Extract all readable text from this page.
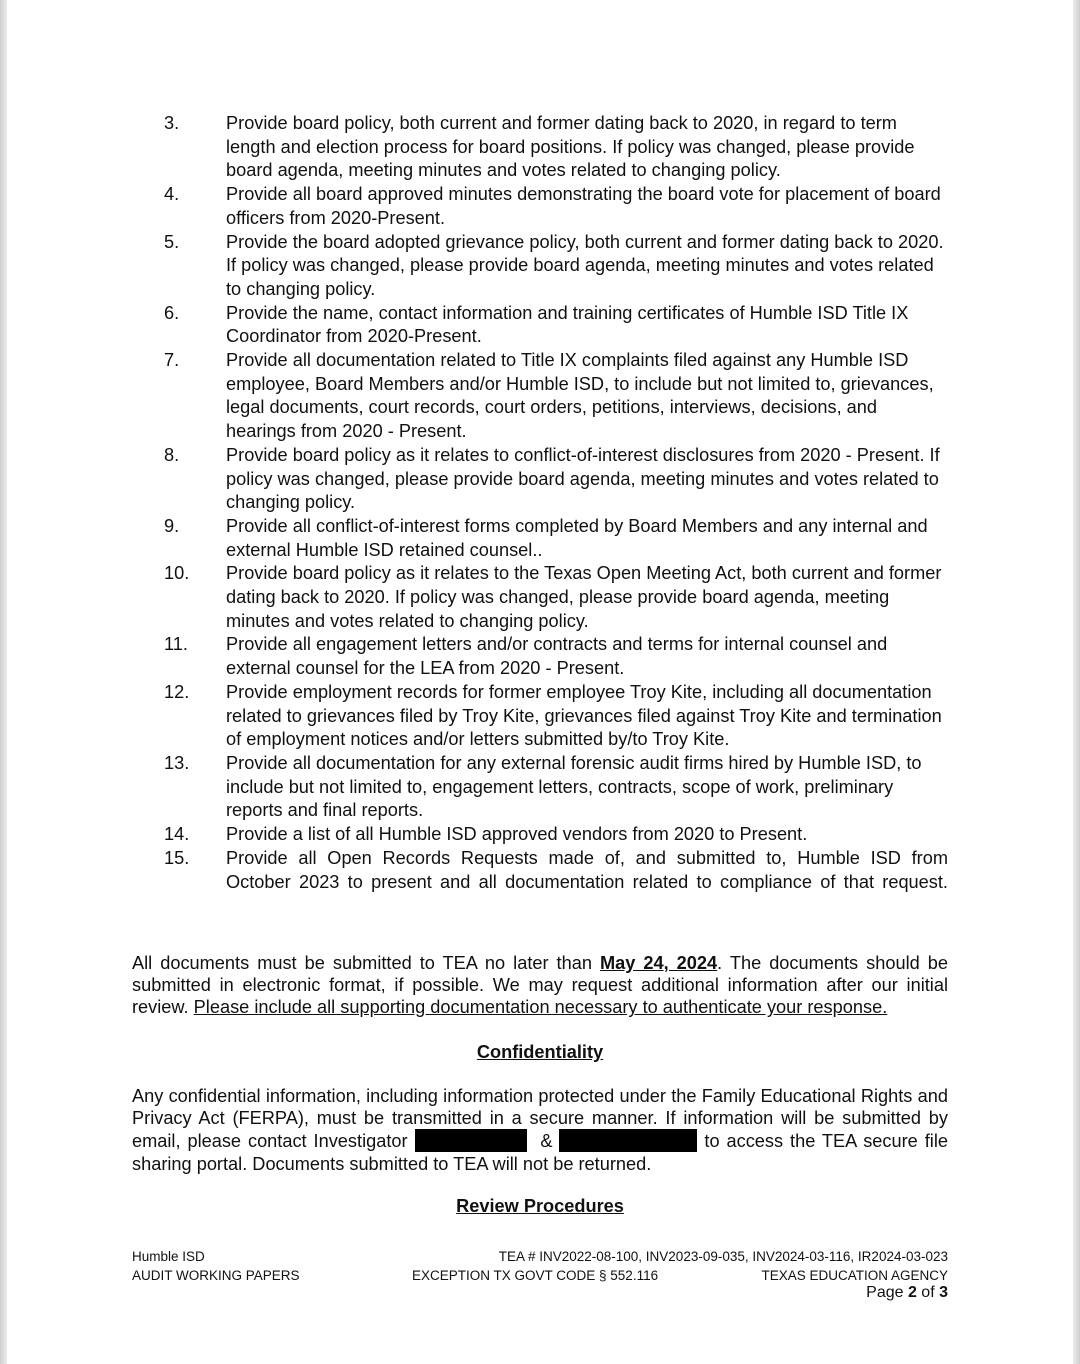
3.	Provide board policy, both current and former dating back to 2020, in regard to term length and election process for board positions. If policy was changed, please provide board agenda, meeting minutes and votes related to changing policy.
4.	Provide all board approved minutes demonstrating the board vote for placement of board officers from 2020-Present.
5.	Provide the board adopted grievance policy, both current and former dating back to 2020. If policy was changed, please provide board agenda, meeting minutes and votes related to changing policy.
6.	Provide the name, contact information and training certificates of Humble ISD Title IX Coordinator from 2020-Present.
7.	Provide all documentation related to Title IX complaints filed against any Humble ISD employee, Board Members and/or Humble ISD, to include but not limited to, grievances, legal documents, court records, court orders, petitions, interviews, decisions, and hearings from 2020 - Present.
8.	Provide board policy as it relates to conflict-of-interest disclosures from 2020 - Present. If policy was changed, please provide board agenda, meeting minutes and votes related to changing policy.
9.	Provide all conflict-of-interest forms completed by Board Members and any internal and external Humble ISD retained counsel..
10. Provide board policy as it relates to the Texas Open Meeting Act, both current and former dating back to 2020. If policy was changed, please provide board agenda, meeting minutes and votes related to changing policy.
11. Provide all engagement letters and/or contracts and terms for internal counsel and external counsel for the LEA from 2020 - Present.
12. Provide employment records for former employee Troy Kite, including all documentation related to grievances filed by Troy Kite, grievances filed against Troy Kite and termination of employment notices and/or letters submitted by/to Troy Kite.
13. Provide all documentation for any external forensic audit firms hired by Humble ISD, to include but not limited to, engagement letters, contracts, scope of work, preliminary reports and final reports.
14. Provide a list of all Humble ISD approved vendors from 2020 to Present.
15. Provide all Open Records Requests made of, and submitted to, Humble ISD from October 2023 to present and all documentation related to compliance of that request.
All documents must be submitted to TEA no later than May 24, 2024. The documents should be submitted in electronic format, if possible. We may request additional information after our initial review. Please include all supporting documentation necessary to authenticate your response.
Confidentiality
Any confidential information, including information protected under the Family Educational Rights and Privacy Act (FERPA), must be transmitted in a secure manner. If information will be submitted by email, please contact Investigator	&	to access the TEA secure file sharing portal. Documents submitted to TEA will not be returned.
Review Procedures
Humble ISD
AUDIT WORKING PAPERS
TEA # INV2022-08-100, INV2023-09-035, INV2024-03-116, IR2024-03-023
TEXAS EDUCATION AGENCY
EXCEPTION TX GOVT CODE § 552.116
Page 2 of 3
